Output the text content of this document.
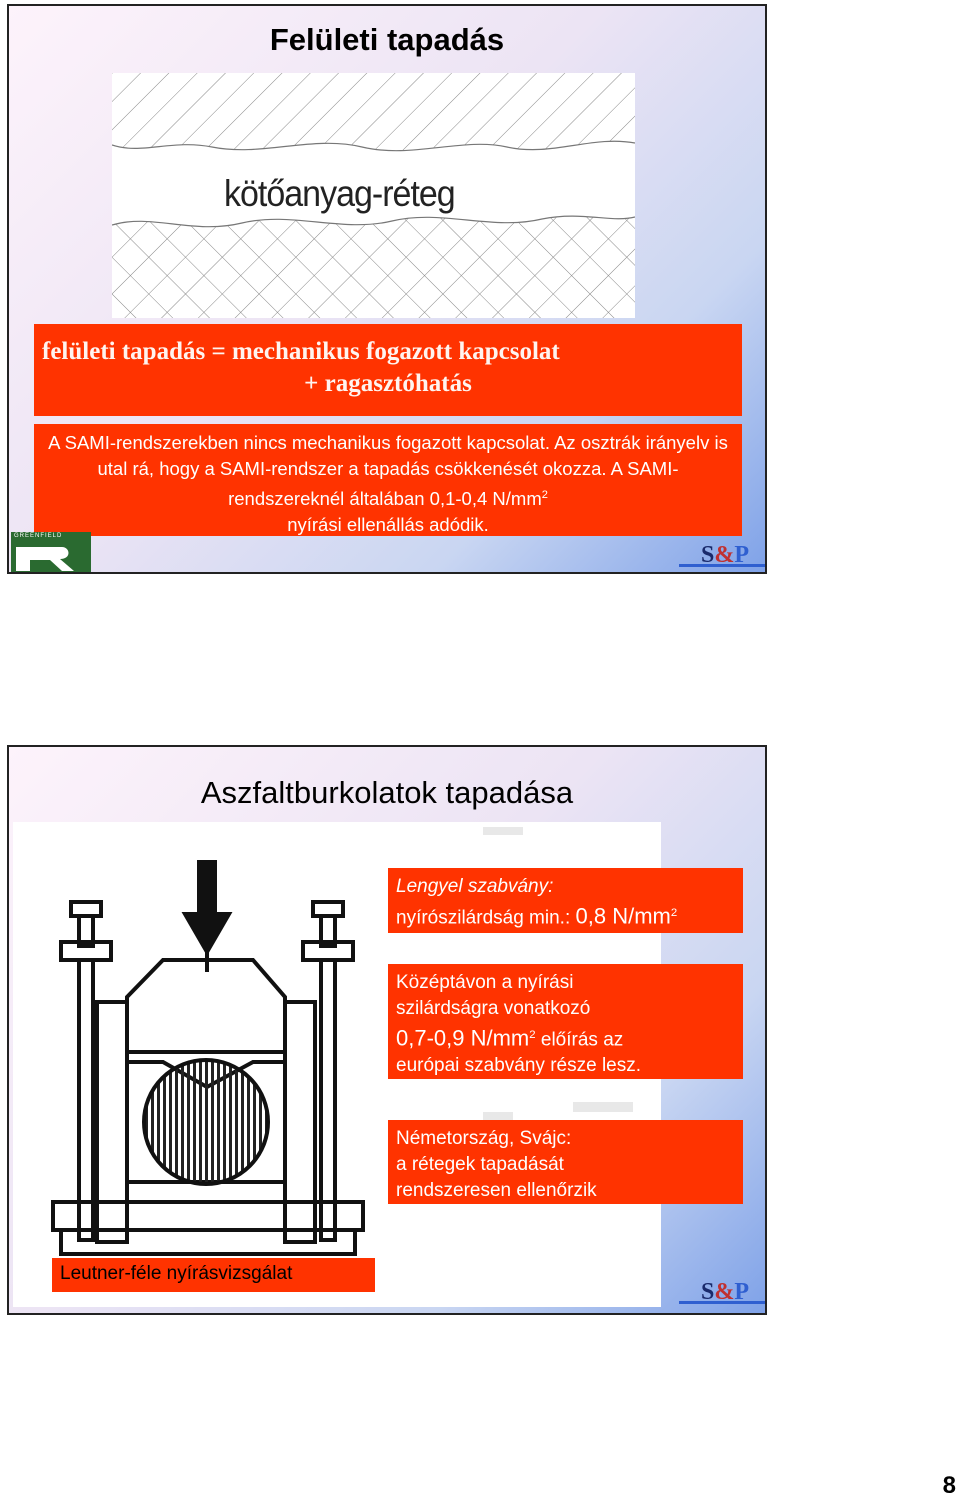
Felületi tapadás
kötőanyag-réteg
felületi tapadás = mechanikus fogazott kapcsolat
+ ragasztóhatás
A SAMI-rendszerekben nincs mechanikus fogazott kapcsolat. Az osztrák irányelv is utal rá, hogy a SAMI-rendszer a tapadás csökkenését okozza. A SAMI-rendszereknél általában 0,1-0,4 $N/mm^2$
nyírási ellenállás adódik.
GREENFIELD
S&P
Aszfaltburkolatok tapadása
Lengyel szabvány:
nyírószilárdság min.: 0,8 $N/mm^2$
Középtávon a nyírási
szilárdságra vonatkozó
0,7-0,9 $N/mm^2$ előírás az
európai szabvány része lesz.
Németország, Svájc:
a rétegek tapadását
rendszeresen ellenőrzik
Leutner-féle nyírásvizsgálat
S&P
8
